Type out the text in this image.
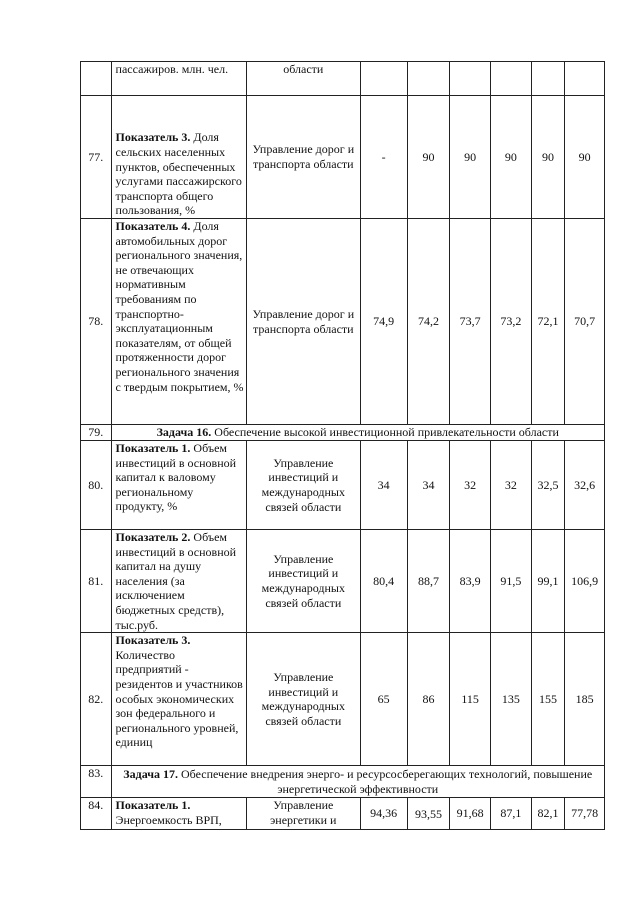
	пассажиров. млн. чел.	области						
77.	Показатель 3. Доля сельских населенных пунктов, обеспеченных услугами пассажирского транспорта общего пользования, %	Управление дорог и транспорта области	-	90	90	90	90	90
78.	Показатель 4. Доля автомобильных дорог регионального значения, не отвечающих нормативным требованиям по транспортно-эксплуатационным показателям, от общей протяженности дорог регионального значения с твердым покрытием, %	Управление дорог и транспорта области	74,9	74,2	73,7	73,2	72,1	70,7
79.	Задача 16. Обеспечение высокой инвестиционной привлекательности области							
80.	Показатель 1. Объем инвестиций в основной капитал к валовому региональному продукту, %	Управление инвестиций и международных связей области	34	34	32	32	32,5	32,6
81.	Показатель 2. Объем инвестиций в основной капитал на душу населения (за исключением бюджетных средств), тыс.руб.	Управление инвестиций и международных связей области	80,4	88,7	83,9	91,5	99,1	106,9
82.	Показатель 3. Количество предприятий - резидентов и участников особых экономических зон федерального и регионального уровней, единиц	Управление инвестиций и международных связей области	65	86	115	135	155	185
83.	Задача 17. Обеспечение внедрения энерго- и ресурсосберегающих технологий, повышение энергетической эффективности							
84.	Показатель 1. Энергоемкость ВРП,	Управление энергетики и	94,36	93,55	91,68	87,1	82,1	77,78
